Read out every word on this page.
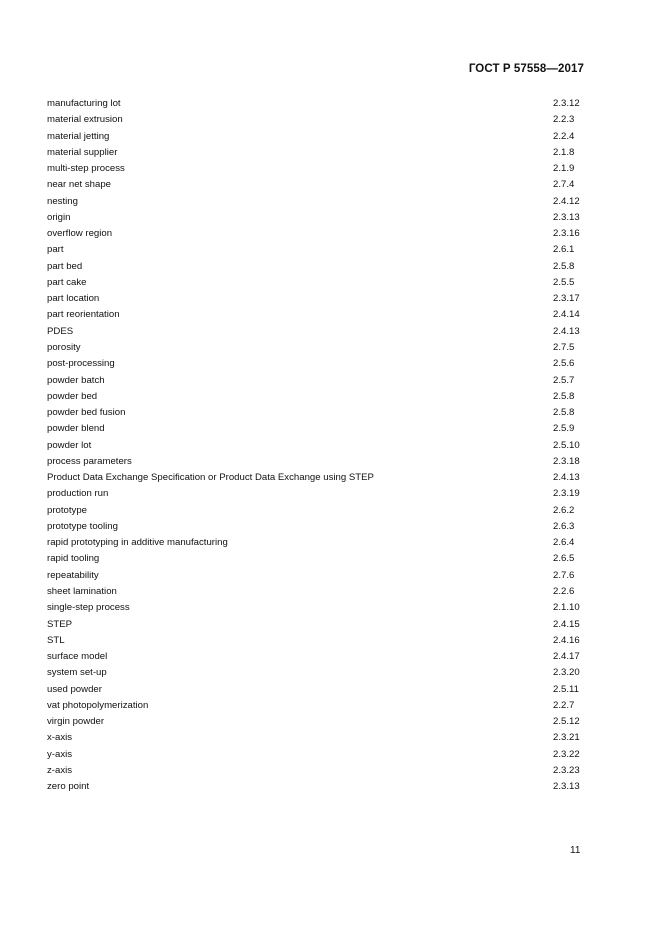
ГОСТ Р 57558—2017
manufacturing lot	2.3.12
material extrusion	2.2.3
material jetting	2.2.4
material supplier	2.1.8
multi-step process	2.1.9
near net shape	2.7.4
nesting	2.4.12
origin	2.3.13
overflow region	2.3.16
part	2.6.1
part bed	2.5.8
part cake	2.5.5
part location	2.3.17
part reorientation	2.4.14
PDES	2.4.13
porosity	2.7.5
post-processing	2.5.6
powder batch	2.5.7
powder bed	2.5.8
powder bed fusion	2.5.8
powder blend	2.5.9
powder lot	2.5.10
process parameters	2.3.18
Product Data Exchange Specification or Product Data Exchange using STEP	2.4.13
production run	2.3.19
prototype	2.6.2
prototype tooling	2.6.3
rapid prototyping in additive manufacturing	2.6.4
rapid tooling	2.6.5
repeatability	2.7.6
sheet lamination	2.2.6
single-step process	2.1.10
STEP	2.4.15
STL	2.4.16
surface model	2.4.17
system set-up	2.3.20
used powder	2.5.11
vat photopolymerization	2.2.7
virgin powder	2.5.12
x-axis	2.3.21
y-axis	2.3.22
z-axis	2.3.23
zero point	2.3.13
11
